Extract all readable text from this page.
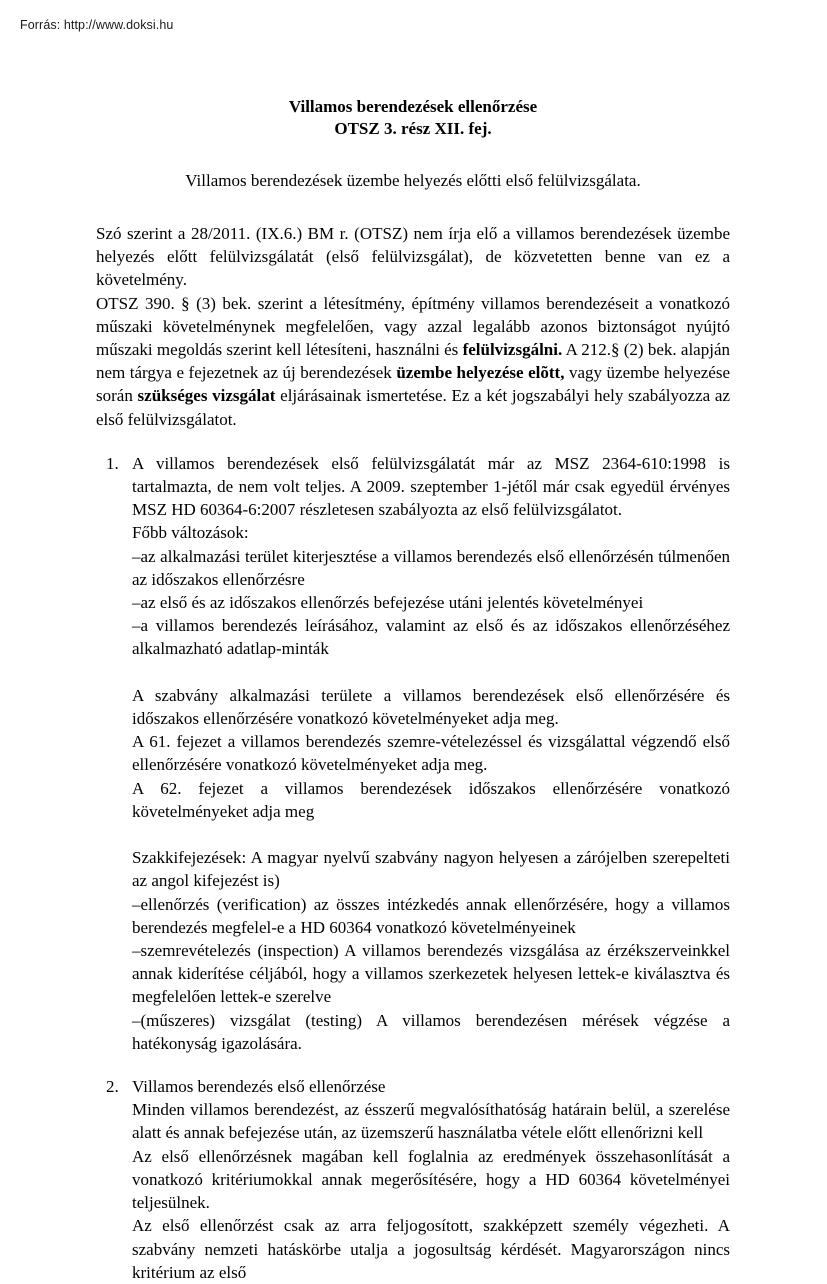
Forrás: http://www.doksi.hu
Villamos berendezések ellenőrzése
OTSZ 3. rész XII. fej.
Villamos berendezések üzembe helyezés előtti első felülvizsgálata.

Szó szerint a 28/2011. (IX.6.) BM r. (OTSZ) nem írja elő a villamos berendezések üzembe helyezés előtt felülvizsgálatát (első felülvizsgálat), de közvetetten benne van ez a követelmény.

OTSZ 390. § (3) bek. szerint a létesítmény, építmény villamos berendezéseit a vonatkozó műszaki követelménynek megfelelően, vagy azzal legalább azonos biztonságot nyújtó műszaki megoldás szerint kell létesíteni, használni és felülvizsgálni. A 212.§ (2) bek. alapján nem tárgya e fejezetnek az új berendezések üzembe helyezése elõtt, vagy üzembe helyezése során szükséges vizsgálat eljárásainak ismertetése. Ez a két jogszabályi hely szabályozza az első felülvizsgálatot.

1. A villamos berendezések első felülvizsgálatát már az MSZ 2364-610:1998 is tartalmazta, de nem volt teljes. A 2009. szeptember 1-jétől már csak egyedül érvényes MSZ HD 60364-6:2007 részletesen szabályozta az első felülvizsgálatot.

Főbb változások:

–az alkalmazási terület kiterjesztése a villamos berendezés első ellenőrzésén túlmenően az időszakos ellenőrzésre

–az első és az időszakos ellenőrzés befejezése utáni jelentés követelményei

–a villamos berendezés leírásához, valamint az első és az időszakos ellenőrzéséhez alkalmazható adatlap-minták

A szabvány alkalmazási területe a villamos berendezések első ellenőrzésére és időszakos ellenőrzésére vonatkozó követelményeket adja meg.

A 61. fejezet a villamos berendezés szemre-vételezéssel és vizsgálattal végzendő első ellenőrzésére vonatkozó követelményeket adja meg.

A 62. fejezet a villamos berendezések időszakos ellenőrzésére vonatkozó követelményeket adja meg

Szakkifejezések: A magyar nyelvű szabvány nagyon helyesen a zárójelben szerepelteti az angol kifejezést is)

–ellenőrzés (verification) az összes intézkedés annak ellenőrzésére, hogy a villamos berendezés megfelel-e a HD 60364 vonatkozó követelményeinek

–szemrevételezés (inspection) A villamos berendezés vizsgálása az érzékszerveinkkel annak kiderítése céljából, hogy a villamos szerkezetek helyesen lettek-e kiválasztva és megfelelően lettek-e szerelve

–(műszeres) vizsgálat (testing) A villamos berendezésen mérések végzése a hatékonyság igazolására.

2. Villamos berendezés első ellenőrzése

Minden villamos berendezést, az ésszerű megvalósíthatóság határain belül, a szerelése alatt és annak befejezése után, az üzemszerű használatba vétele előtt ellenőrizni kell

Az első ellenőrzésnek magában kell foglalnia az eredmények összehasonlítását a vonatkozó kritériumokkal annak megerősítésére, hogy a HD 60364 követelményei teljesülnek.

Az első ellenőrzést csak az arra feljogosított, szakképzett személy végezheti. A szabvány nemzeti hatáskörbe utalja a jogosultság kérdését. Magyarországon nincs kritérium az első
